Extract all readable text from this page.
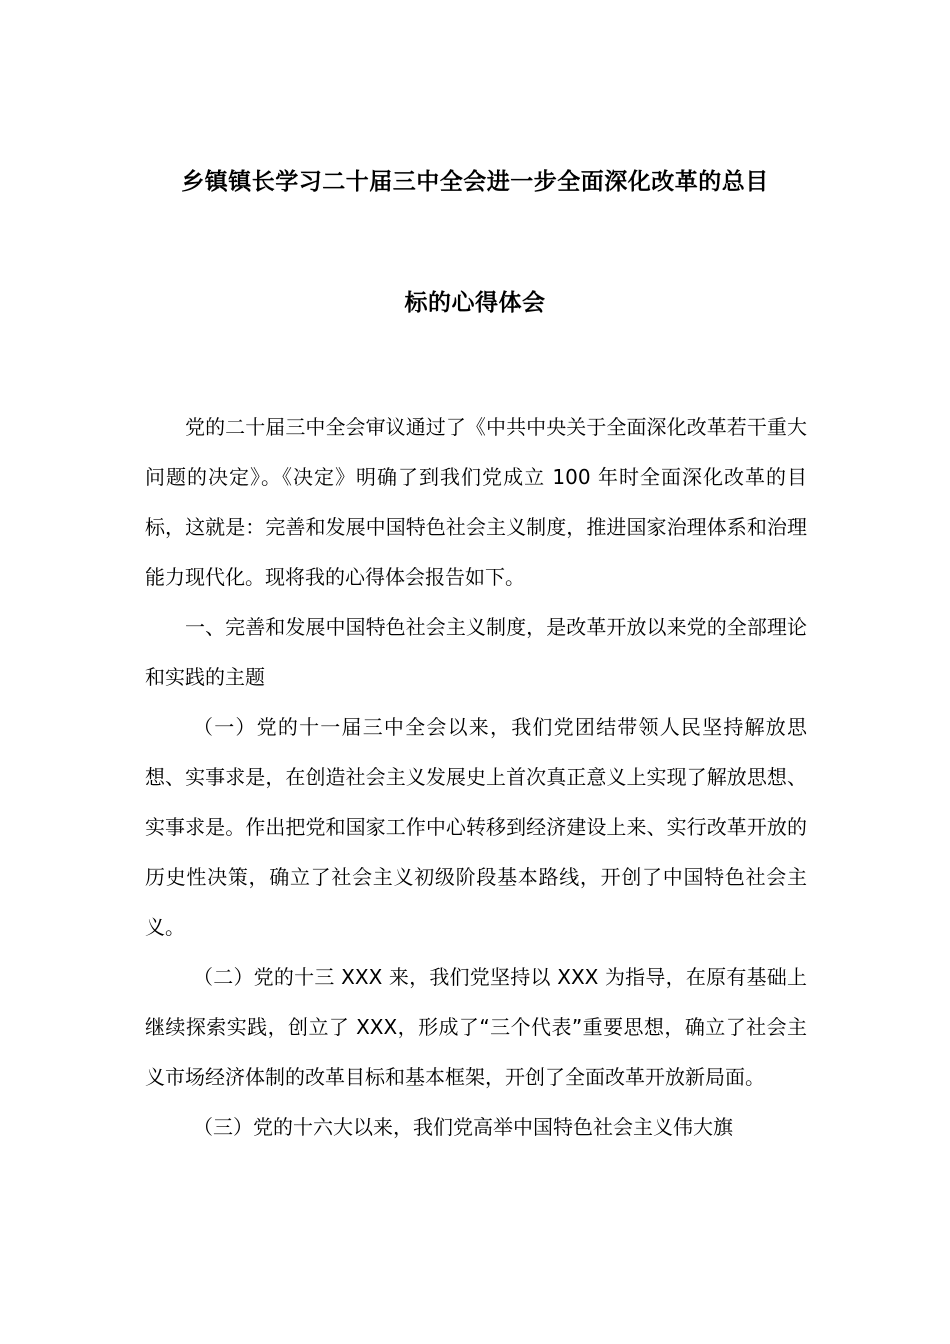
乡镇镇长学习二十届三中全会进一步全面深化改革的总目
标的心得体会

党的二十届三中全会审议通过了《中共中央关于全面深化改革若干重大问题的决定》。《决定》明确了到我们党成立 100 年时全面深化改革的目标，这就是：完善和发展中国特色社会主义制度，推进国家治理体系和治理能力现代化。现将我的心得体会报告如下。

一、完善和发展中国特色社会主义制度，是改革开放以来党的全部理论和实践的主题

（一）党的十一届三中全会以来，我们党团结带领人民坚持解放思想、实事求是，在创造社会主义发展史上首次真正意义上实现了解放思想、实事求是。作出把党和国家工作中心转移到经济建设上来、实行改革开放的历史性决策，确立了社会主义初级阶段基本路线，开创了中国特色社会主义。

（二）党的十三 XXX 来，我们党坚持以 XXX 为指导，在原有基础上继续探索实践，创立了 XXX，形成了“三个代表”重要思想，确立了社会主义市场经济体制的改革目标和基本框架，开创了全面改革开放新局面。

（三）党的十六大以来，我们党高举中国特色社会主义伟大旗
